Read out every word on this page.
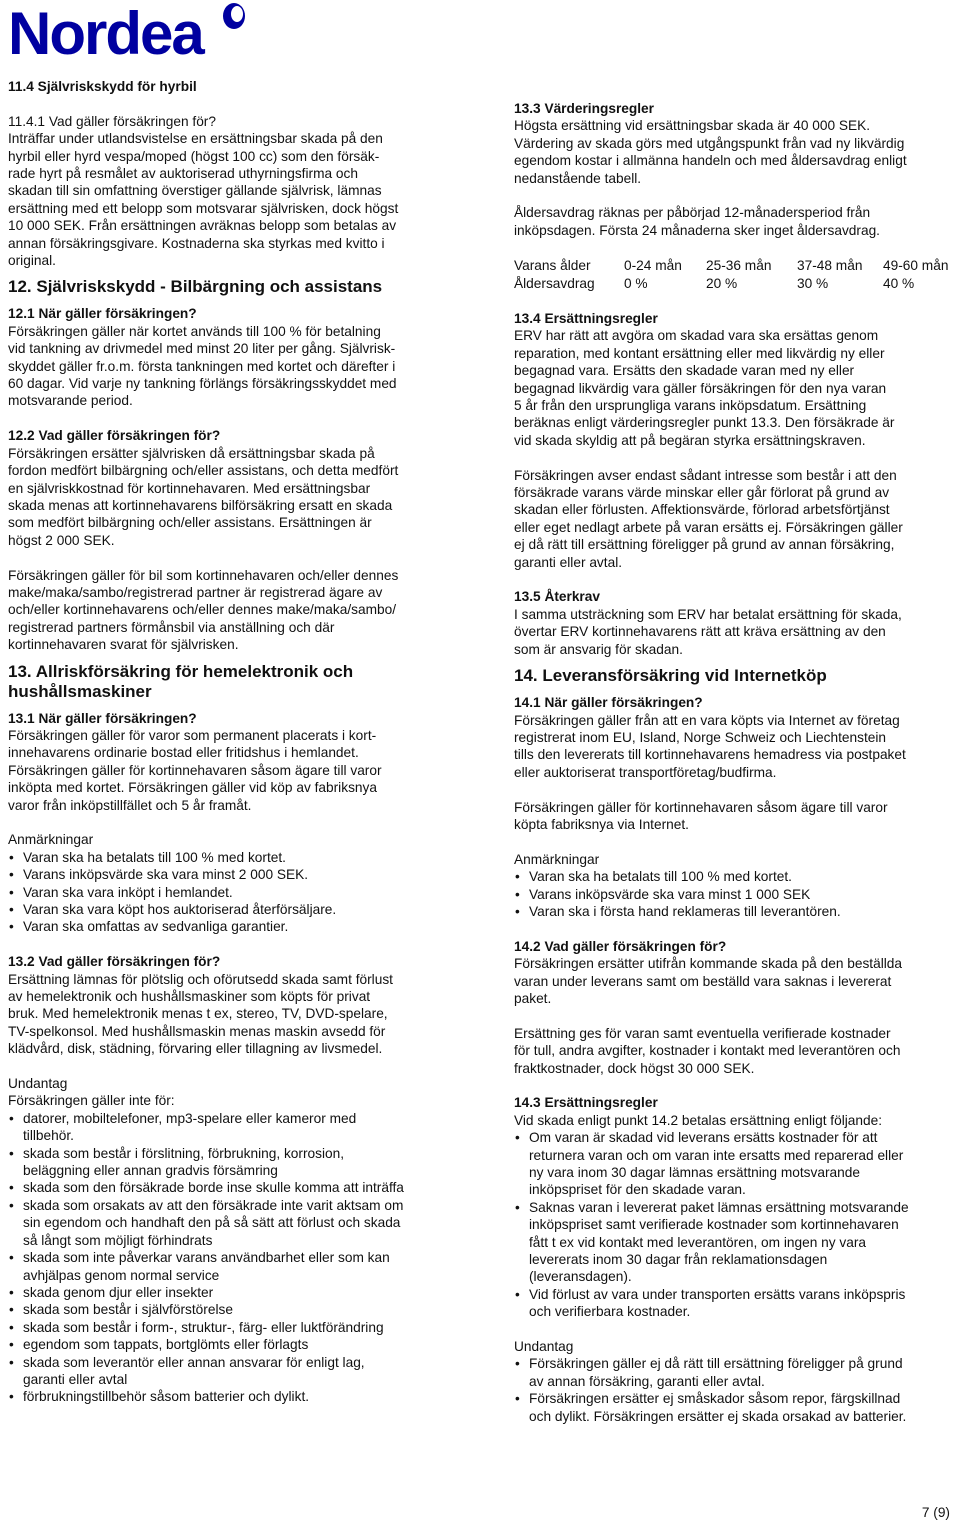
Nordea

11.4 Självriskskydd för hyrbil

11.4.1 Vad gäller försäkringen för?

Inträffar under utlandsvistelse en ersättningsbar skada på den

hyrbil eller hyrd vespa/moped (högst 100 cc) som den försäk-

rade hyrt på resmålet av auktoriserad uthyrningsfirma och

skadan till sin omfattning överstiger gällande självrisk, lämnas

ersättning med ett belopp som motsvarar självrisken, dock högst

10 000 SEK. Från ersättningen avräknas belopp som betalas av

annan försäkringsgivare. Kostnaderna ska styrkas med kvitto i

original.

12. Självriskskydd - Bilbärgning och assistans

12.1 När gäller försäkringen?

Försäkringen gäller när kortet används till 100 % för betalning

vid tankning av drivmedel med minst 20 liter per gång. Självrisk-

skyddet gäller fr.o.m. första tankningen med kortet och därefter i

60 dagar. Vid varje ny tankning förlängs försäkringsskyddet med

motsvarande period.

12.2 Vad gäller försäkringen för?

Försäkringen ersätter självrisken då ersättningsbar skada på

fordon medfört bilbärgning och/eller assistans, och detta medfört

en självriskkostnad för kortinnehavaren. Med ersättningsbar

skada menas att kortinnehavarens bilförsäkring ersatt en skada

som medfört bilbärgning och/eller assistans. Ersättningen är

högst 2 000 SEK.

Försäkringen gäller för bil som kortinnehavaren och/eller dennes

make/maka/sambo/registrerad partner är registrerad ägare av

och/eller kortinnehavarens och/eller dennes make/maka/sambo/

registrerad partners förmånsbil via anställning och där

kortinnehavaren svarat för självrisken.

13. Allriskförsäkring för hemelektronik och

hushållsmaskiner

13.1 När gäller försäkringen?

Försäkringen gäller för varor som permanent placerats i kort-

innehavarens ordinarie bostad eller fritidshus i hemlandet.

Försäkringen gäller för kortinnehavaren såsom ägare till varor

inköpta med kortet. Försäkringen gäller vid köp av fabriksnya

varor från inköpstillfället och 5 år framåt.

Anmärkningar

• Varan ska ha betalats till 100 % med kortet.
• Varans inköpsvärde ska vara minst 2 000 SEK.
• Varan ska vara inköpt i hemlandet.
• Varan ska vara köpt hos auktoriserad återförsäljare.
• Varan ska omfattas av sedvanliga garantier.

13.2 Vad gäller försäkringen för?

Ersättning lämnas för plötslig och oförutsedd skada samt förlust

av hemelektronik och hushållsmaskiner som köpts för privat

bruk. Med hemelektronik menas t ex, stereo, TV, DVD-spelare,

TV-spelkonsol. Med hushållsmaskin menas maskin avsedd för

klädvård, disk, städning, förvaring eller tillagning av livsmedel.

Undantag

Försäkringen gäller inte för:

• datorer, mobiltelefoner, mp3-spelare eller kameror med
tillbehör.
• skada som består i förslitning, förbrukning, korrosion,
beläggning eller annan gradvis försämring
• skada som den försäkrade borde inse skulle komma att inträffa
• skada som orsakats av att den försäkrade inte varit aktsam om
sin egendom och handhaft den på så sätt att förlust och skada
så långt som möjligt förhindrats
• skada som inte påverkar varans användbarhet eller som kan
avhjälpas genom normal service
• skada genom djur eller insekter
• skada som består i självförstörelse
• skada som består i form-, struktur-, färg- eller luktförändring
• egendom som tappats, bortglömts eller förlagts
• skada som leverantör eller annan ansvarar för enligt lag,
garanti eller avtal
• förbrukningstillbehör såsom batterier och dylikt.

13.3 Värderingsregler

Högsta ersättning vid ersättningsbar skada är 40 000 SEK.

Värdering av skada görs med utgångspunkt från vad ny likvärdig

egendom kostar i allmänna handeln och med åldersavdrag enligt

nedanstående tabell.

Åldersavdrag räknas per påbörjad 12-månadersperiod från

inköpsdagen. Första 24 månaderna sker inget åldersavdrag.

Varans ålder	0-24 mån	25-36 mån	37-48 mån	49-60 mån
Åldersavdrag	0 %	20 %	30 %	40 %

13.4 Ersättningsregler

ERV har rätt att avgöra om skadad vara ska ersättas genom

reparation, med kontant ersättning eller med likvärdig ny eller

begagnad vara. Ersätts den skadade varan med ny eller

begagnad likvärdig vara gäller försäkringen för den nya varan

5 år från den ursprungliga varans inköpsdatum. Ersättning

beräknas enligt värderingsregler punkt 13.3. Den försäkrade är

vid skada skyldig att på begäran styrka ersättningskraven.

Försäkringen avser endast sådant intresse som består i att den

försäkrade varans värde minskar eller går förlorat på grund av

skadan eller förlusten. Affektionsvärde, förlorad arbetsförtjänst

eller eget nedlagt arbete på varan ersätts ej. Försäkringen gäller

ej då rätt till ersättning föreligger på grund av annan försäkring,

garanti eller avtal.

13.5 Återkrav

I samma utsträckning som ERV har betalat ersättning för skada,

övertar ERV kortinnehavarens rätt att kräva ersättning av den

som är ansvarig för skadan.

14. Leveransförsäkring vid Internetköp

14.1 När gäller försäkringen?

Försäkringen gäller från att en vara köpts via Internet av företag

registrerat inom EU, Island, Norge Schweiz och Liechtenstein

tills den levererats till kortinnehavarens hemadress via postpaket

eller auktoriserat transportföretag/budfirma.

Försäkringen gäller för kortinnehavaren såsom ägare till varor

köpta fabriksnya via Internet.

Anmärkningar

• Varan ska ha betalats till 100 % med kortet.
• Varans inköpsvärde ska vara minst 1 000 SEK
• Varan ska i första hand reklameras till leverantören.

14.2 Vad gäller försäkringen för?

Försäkringen ersätter utifrån kommande skada på den beställda

varan under leverans samt om beställd vara saknas i levererat

paket.

Ersättning ges för varan samt eventuella verifierade kostnader

för tull, andra avgifter, kostnader i kontakt med leverantören och

fraktkostnader, dock högst 30 000 SEK.

14.3 Ersättningsregler

Vid skada enligt punkt 14.2 betalas ersättning enligt följande:

• Om varan är skadad vid leverans ersätts kostnader för att
returnera varan och om varan inte ersatts med reparerad eller
ny vara inom 30 dagar lämnas ersättning motsvarande
inköpspriset för den skadade varan.
• Saknas varan i levererat paket lämnas ersättning motsvarande
inköpspriset samt verifierade kostnader som kortinnehavaren
fått t ex vid kontakt med leverantören, om ingen ny vara
levererats inom 30 dagar från reklamationsdagen
(leveransdagen).
• Vid förlust av vara under transporten ersätts varans inköpspris
och verifierbara kostnader.

Undantag

• Försäkringen gäller ej då rätt till ersättning föreligger på grund
av annan försäkring, garanti eller avtal.
• Försäkringen ersätter ej småskador såsom repor, färgskillnad
och dylikt. Försäkringen ersätter ej skada orsakad av batterier.
7 (9)
